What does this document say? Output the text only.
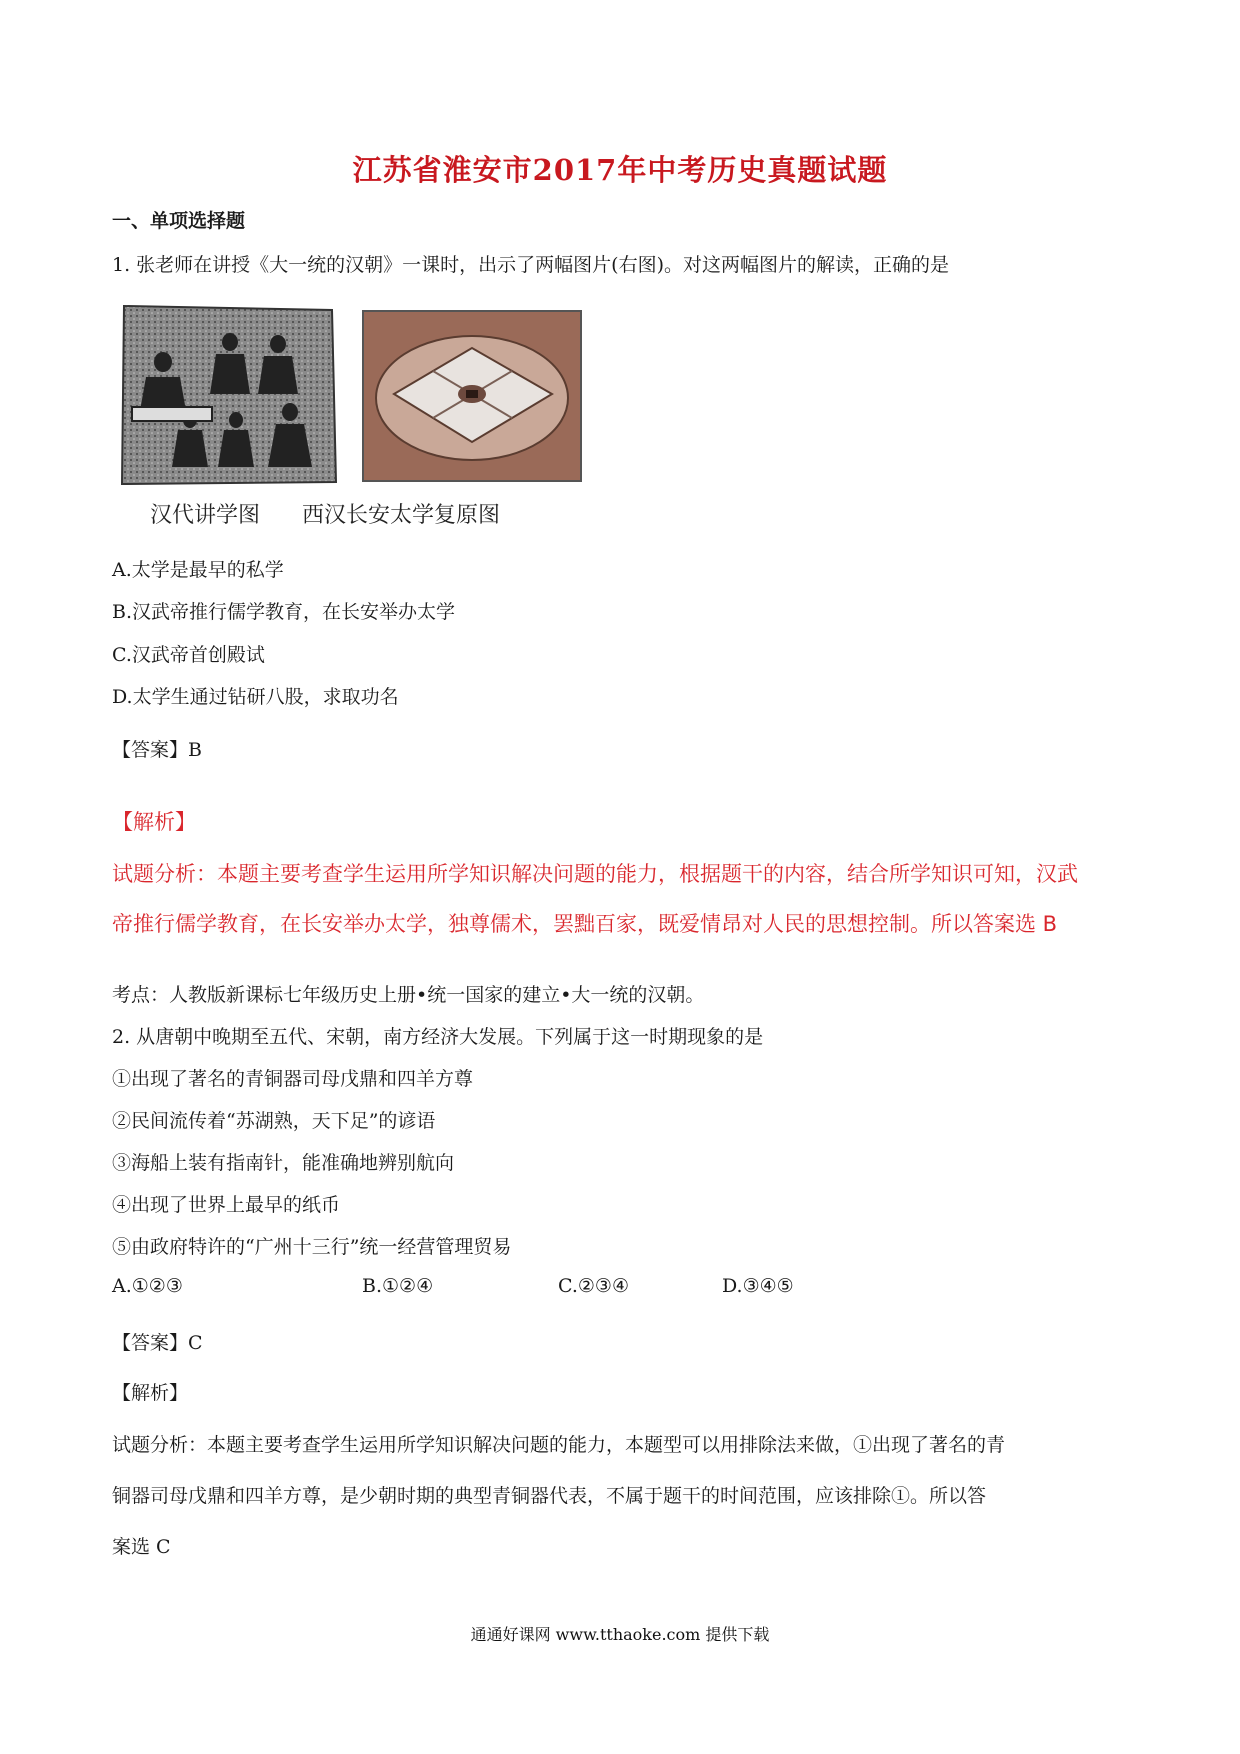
江苏省淮安市2017年中考历史真题试题
一、单项选择题
1. 张老师在讲授《大一统的汉朝》一课时，出示了两幅图片(右图)。对这两幅图片的解读，正确的是
汉代讲学图 西汉长安太学复原图
A.太学是最早的私学
B.汉武帝推行儒学教育，在长安举办太学
C.汉武帝首创殿试
D.太学生通过钻研八股，求取功名
【答案】B
【解析】
试题分析：本题主要考查学生运用所学知识解决问题的能力，根据题干的内容，结合所学知识可知，汉武
帝推行儒学教育，在长安举办太学，独尊儒术，罢黜百家，既爱情昂对人民的思想控制。所以答案选 B
考点：人教版新课标七年级历史上册•统一国家的建立•大一统的汉朝。
2. 从唐朝中晚期至五代、宋朝，南方经济大发展。下列属于这一时期现象的是
①出现了著名的青铜器司母戊鼎和四羊方尊
②民间流传着“苏湖熟，天下足”的谚语
③海船上装有指南针，能准确地辨别航向
④出现了世界上最早的纸币
⑤由政府特许的“广州十三行”统一经营管理贸易
A.①②③	B.①②④	C.②③④	D.③④⑤
【答案】C
【解析】
试题分析：本题主要考查学生运用所学知识解决问题的能力，本题型可以用排除法来做，①出现了著名的青
铜器司母戊鼎和四羊方尊，是少朝时期的典型青铜器代表，不属于题干的时间范围，应该排除①。所以答
案选 C
通通好课网 www.tthaoke.com 提供下载
